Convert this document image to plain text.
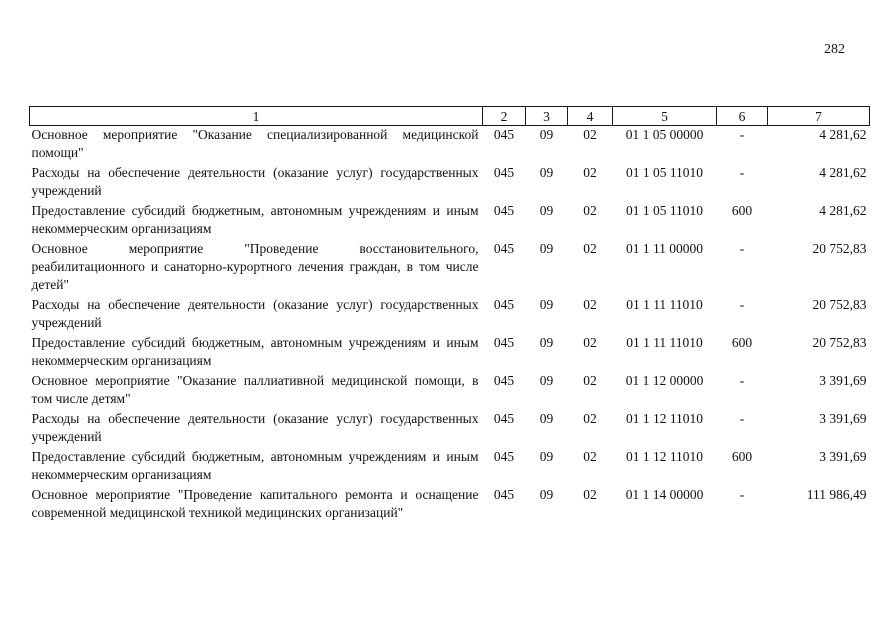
282
1	2	3	4	5	6	7
Основное мероприятие "Оказание специализированной медицинской помощи"	045	09	02	01 1 05 00000	-	4 281,62
Расходы на обеспечение деятельности (оказание услуг) государственных учреждений	045	09	02	01 1 05 11010	-	4 281,62
Предоставление субсидий бюджетным, автономным учреждениям и иным некоммерческим организациям	045	09	02	01 1 05 11010	600	4 281,62
Основное мероприятие "Проведение восстановительного, реабилитационного и санаторно-курортного лечения граждан, в том числе детей"	045	09	02	01 1 11 00000	-	20 752,83
Расходы на обеспечение деятельности (оказание услуг) государственных учреждений	045	09	02	01 1 11 11010	-	20 752,83
Предоставление субсидий бюджетным, автономным учреждениям и иным некоммерческим организациям	045	09	02	01 1 11 11010	600	20 752,83
Основное мероприятие "Оказание паллиативной медицинской помощи, в том числе детям"	045	09	02	01 1 12 00000	-	3 391,69
Расходы на обеспечение деятельности (оказание услуг) государственных учреждений	045	09	02	01 1 12 11010	-	3 391,69
Предоставление субсидий бюджетным, автономным учреждениям и иным некоммерческим организациям	045	09	02	01 1 12 11010	600	3 391,69
Основное мероприятие "Проведение капитального ремонта и оснащение современной медицинской техникой медицинских организаций"	045	09	02	01 1 14 00000	-	111 986,49
